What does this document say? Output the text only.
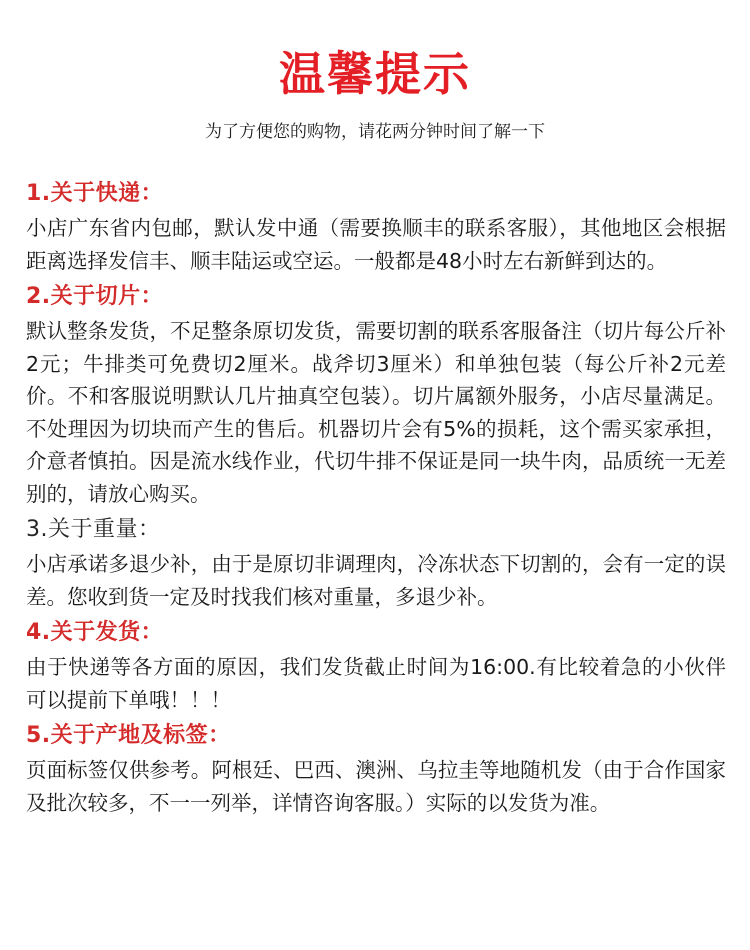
温馨提示
为了方便您的购物，请花两分钟时间了解一下

1.关于快递：

小店广东省内包邮，默认发中通（需要换顺丰的联系客服），其他地区会根据距离选择发信丰、顺丰陆运或空运。一般都是48小时左右新鲜到达的。

2.关于切片：

默认整条发货，不足整条原切发货，需要切割的联系客服备注（切片每公斤补2元；牛排类可免费切2厘米。战斧切3厘米）和单独包装（每公斤补2元差价。不和客服说明默认几片抽真空包装）。切片属额外服务，小店尽量满足。不处理因为切块而产生的售后。机器切片会有5%的损耗，这个需买家承担，介意者慎拍。因是流水线作业，代切牛排不保证是同一块牛肉，品质统一无差别的，请放心购买。

3.关于重量：

小店承诺多退少补，由于是原切非调理肉，冷冻状态下切割的，会有一定的误差。您收到货一定及时找我们核对重量，多退少补。

4.关于发货：

由于快递等各方面的原因，我们发货截止时间为16:00.有比较着急的小伙伴可以提前下单哦！！！

5.关于产地及标签：

页面标签仅供参考。阿根廷、巴西、澳洲、乌拉圭等地随机发（由于合作国家及批次较多，不一一列举，详情咨询客服。）实际的以发货为准。
